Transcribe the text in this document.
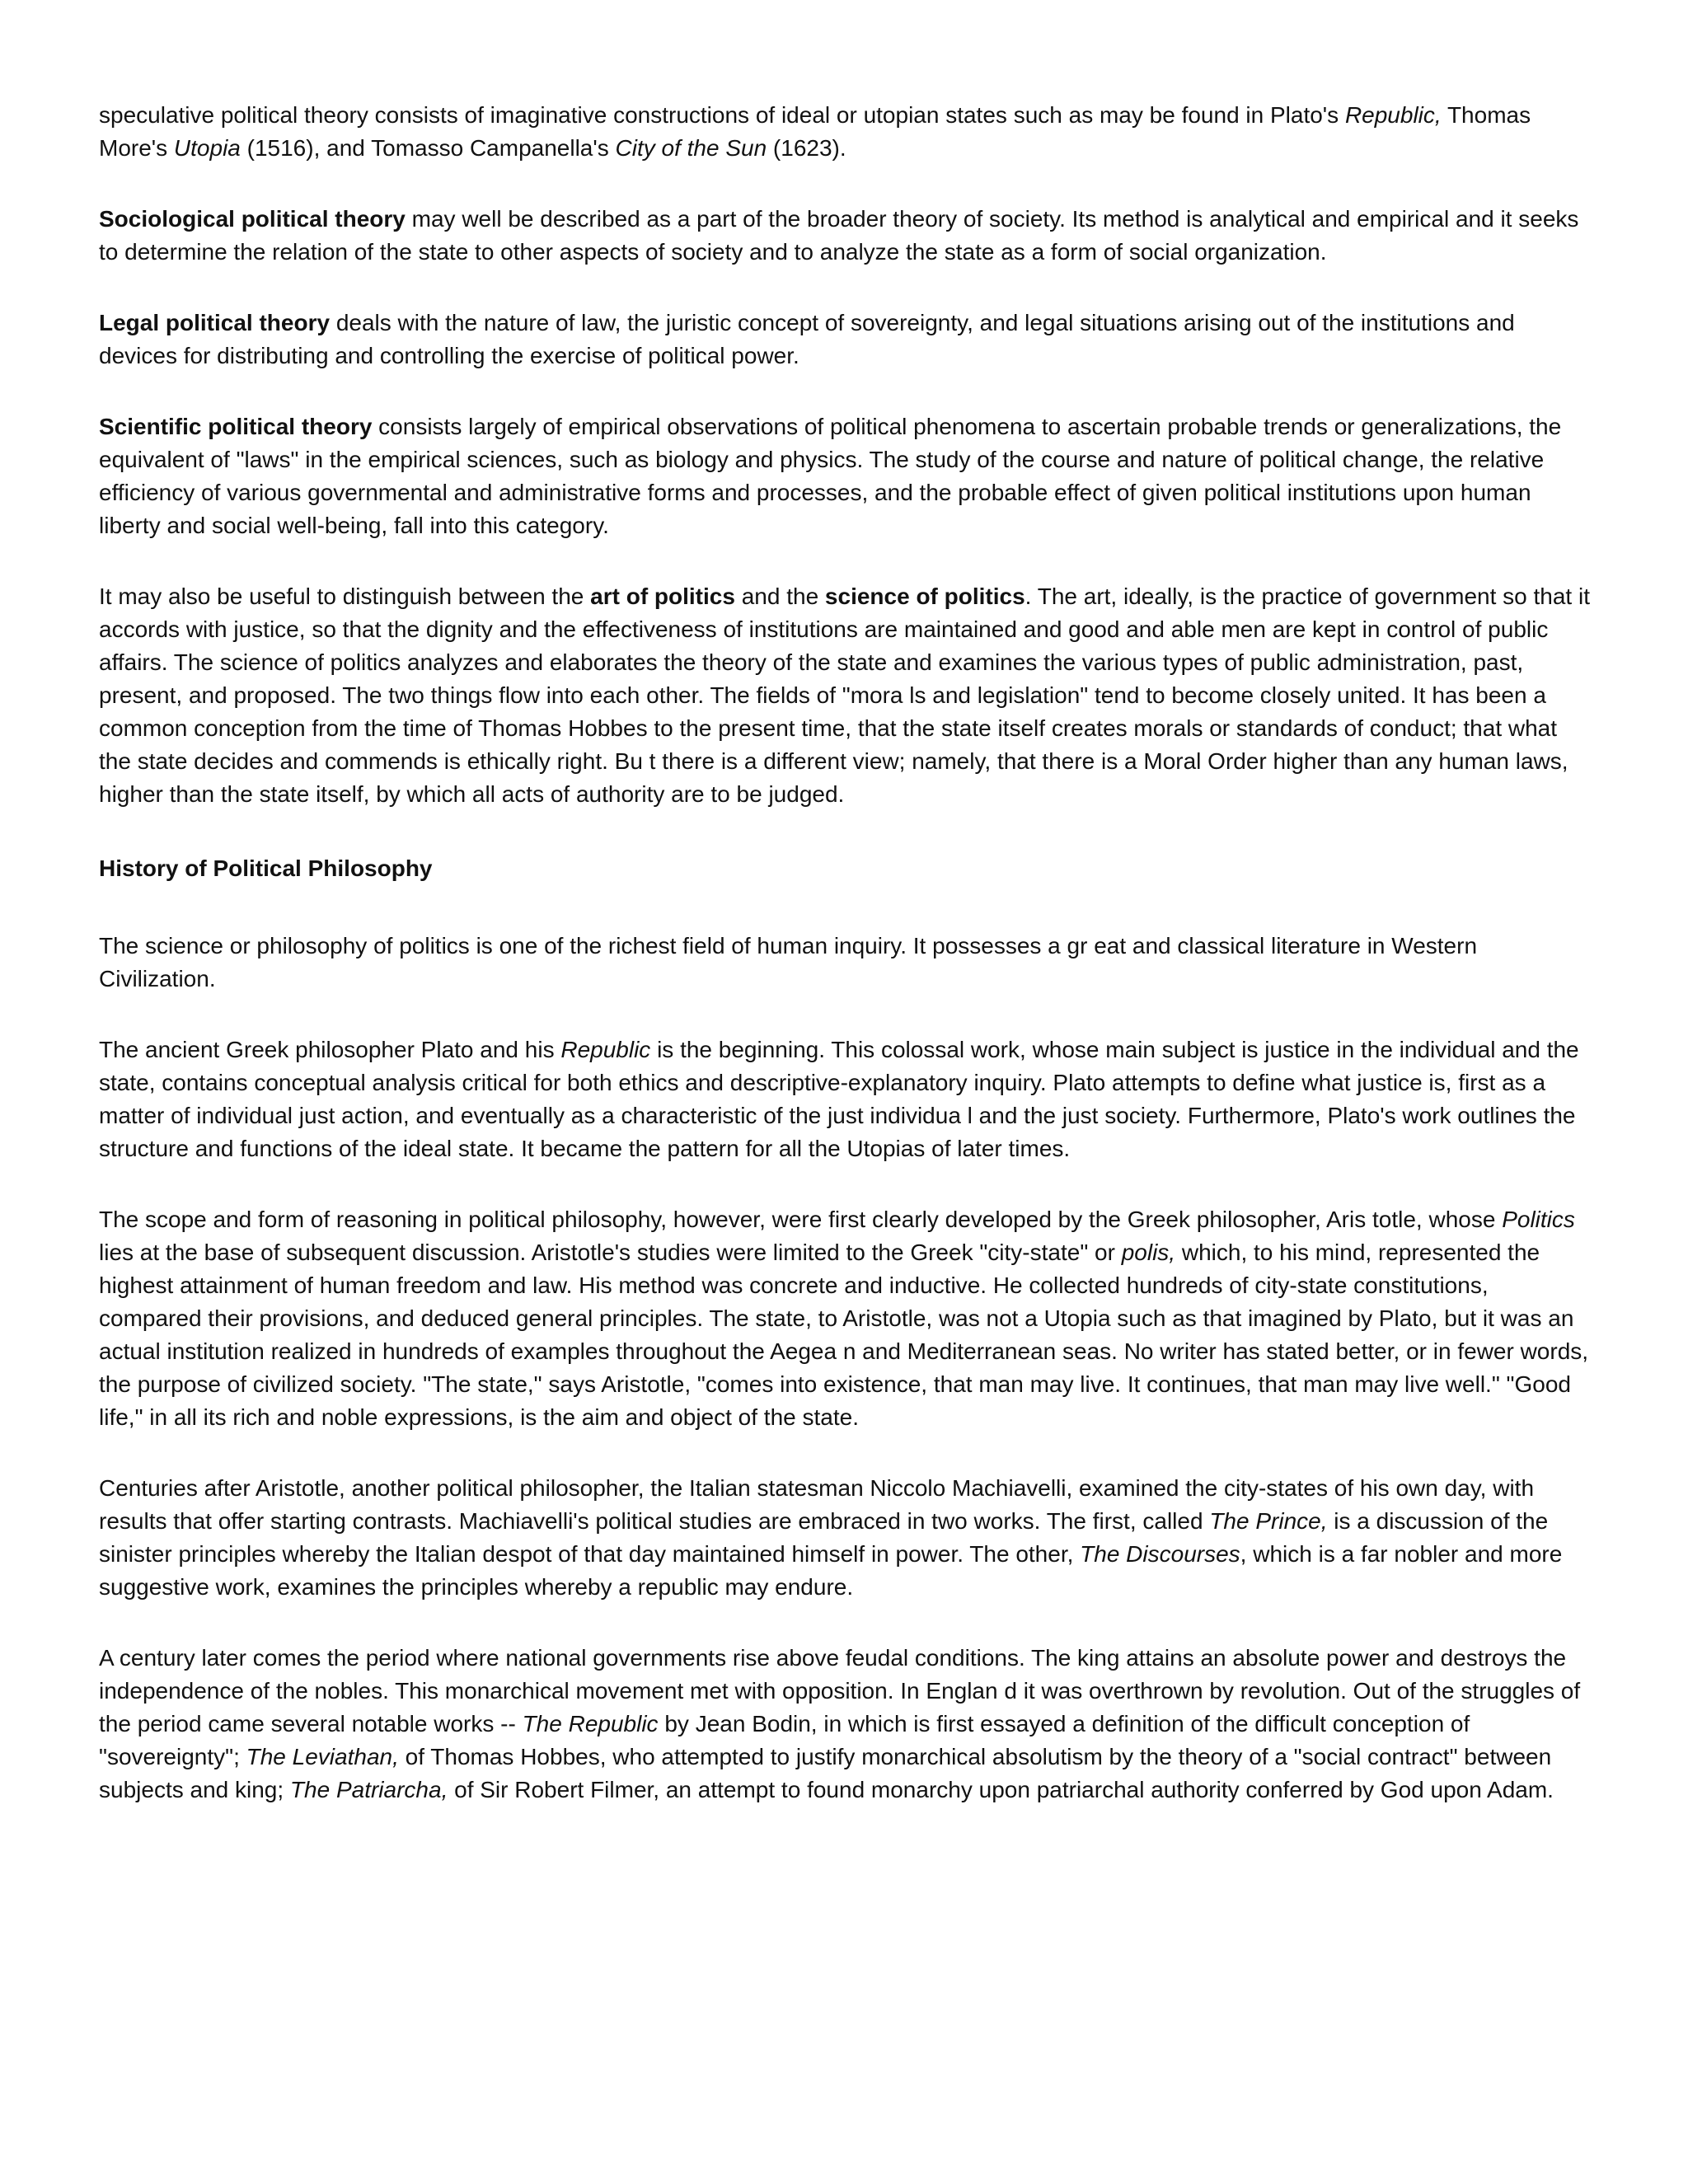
speculative political theory consists of imaginative constructions of ideal or utopian states such as may be found in Plato's Republic, Thomas More's Utopia (1516), and Tomasso Campanella's City of the Sun (1623).

Sociological political theory may well be described as a part of the broader theory of society. Its method is analytical and empirical and it seeks to determine the relation of the state to other aspects of society and to analyze the state as a form of social organization.

Legal political theory deals with the nature of law, the juristic concept of sovereignty, and legal situations arising out of the institutions and devices for distributing and controlling the exercise of political power.

Scientific political theory consists largely of empirical observations of political phenomena to ascertain probable trends or generalizations, the equivalent of "laws" in the empirical sciences, such as biology and physics. The study of the course and nature of political change, the relative efficiency of various governmental and administrative forms and processes, and the probable effect of given political institutions upon human liberty and social well-being, fall into this category.

It may also be useful to distinguish between the art of politics and the science of politics. The art, ideally, is the practice of government so that it accords with justice, so that the dignity and the effectiveness of institutions are maintained and good and able men are kept in control of public affairs. The science of politics analyzes and elaborates the theory of the state and examines the various types of public administration, past, present, and proposed. The two things flow into each other. The fields of "mora ls and legislation" tend to become closely united. It has been a common conception from the time of Thomas Hobbes to the present time, that the state itself creates morals or standards of conduct; that what the state decides and commends is ethically right. Bu t there is a different view; namely, that there is a Moral Order higher than any human laws, higher than the state itself, by which all acts of authority are to be judged.

History of Political Philosophy

The science or philosophy of politics is one of the richest field of human inquiry. It possesses a gr eat and classical literature in Western Civilization.

The ancient Greek philosopher Plato and his Republic is the beginning. This colossal work, whose main subject is justice in the individual and the state, contains conceptual analysis critical for both ethics and descriptive-explanatory inquiry. Plato attempts to define what justice is, first as a matter of individual just action, and eventually as a characteristic of the just individua l and the just society. Furthermore, Plato's work outlines the structure and functions of the ideal state. It became the pattern for all the Utopias of later times.

The scope and form of reasoning in political philosophy, however, were first clearly developed by the Greek philosopher, Aris totle, whose Politics lies at the base of subsequent discussion. Aristotle's studies were limited to the Greek "city-state" or polis, which, to his mind, represented the highest attainment of human freedom and law. His method was concrete and inductive. He collected hundreds of city-state constitutions, compared their provisions, and deduced general principles. The state, to Aristotle, was not a Utopia such as that imagined by Plato, but it was an actual institution realized in hundreds of examples throughout the Aegea n and Mediterranean seas. No writer has stated better, or in fewer words, the purpose of civilized society. "The state," says Aristotle, "comes into existence, that man may live. It continues, that man may live well." "Good life," in all its rich and noble expressions, is the aim and object of the state.

Centuries after Aristotle, another political philosopher, the Italian statesman Niccolo Machiavelli, examined the city-states of his own day, with results that offer starting contrasts. Machiavelli's political studies are embraced in two works. The first, called The Prince, is a discussion of the sinister principles whereby the Italian despot of that day maintained himself in power. The other, The Discourses, which is a far nobler and more suggestive work, examines the principles whereby a republic may endure.

A century later comes the period where national governments rise above feudal conditions. The king attains an absolute power and destroys the independence of the nobles. This monarchical movement met with opposition. In Englan d it was overthrown by revolution. Out of the struggles of the period came several notable works -- The Republic by Jean Bodin, in which is first essayed a definition of the difficult conception of "sovereignty"; The Leviathan, of Thomas Hobbes, who attempted to justify monarchical absolutism by the theory of a "social contract" between subjects and king; The Patriarcha, of Sir Robert Filmer, an attempt to found monarchy upon patriarchal authority conferred by God upon Adam.
